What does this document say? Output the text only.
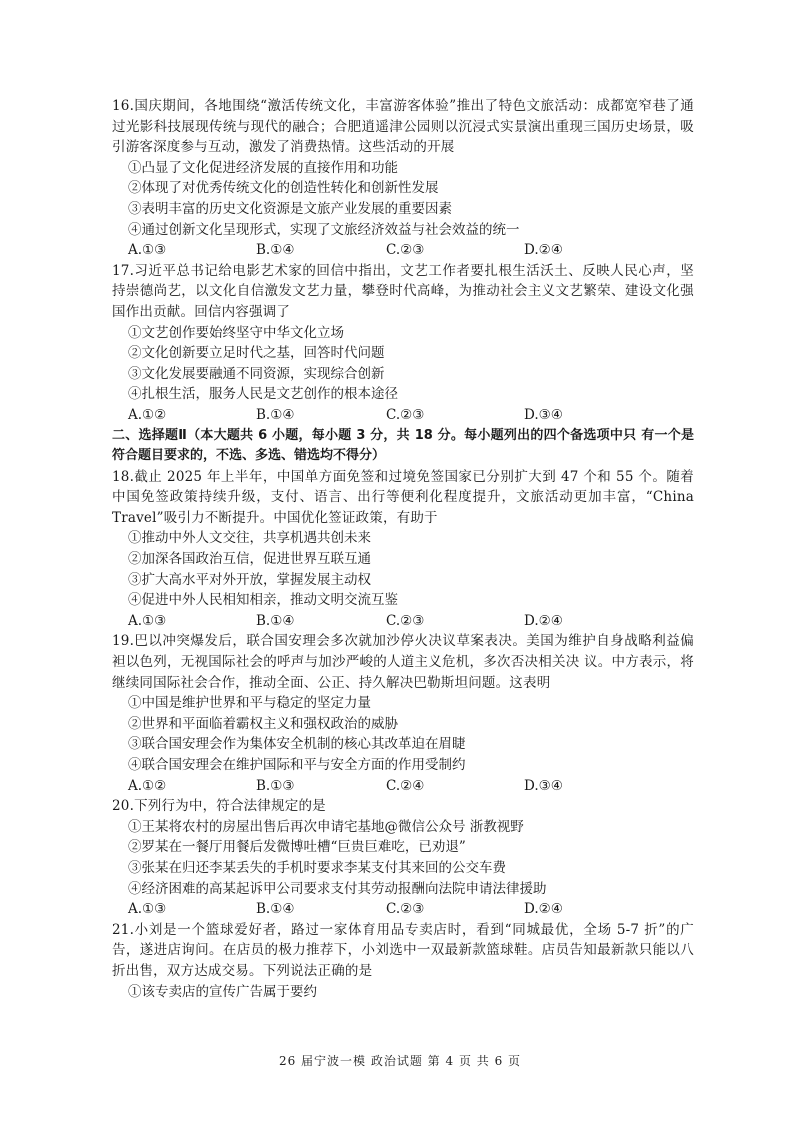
16.国庆期间，各地围绕“激活传统文化，丰富游客体验”推出了特色文旅活动：成都宽窄巷了通过光影科技展现传统与现代的融合；合肥逍遥津公园则以沉浸式实景演出重现三国历史场景，吸引游客深度参与互动，激发了消费热情。这些活动的开展
①凸显了文化促进经济发展的直接作用和功能
②体现了对优秀传统文化的创造性转化和创新性发展
③表明丰富的历史文化资源是文旅产业发展的重要因素
④通过创新文化呈现形式，实现了文旅经济效益与社会效益的统一
A.①③	B.①④	C.②③	D.②④
17.习近平总书记给电影艺术家的回信中指出，文艺工作者要扎根生活沃土、反映人民心声，坚持崇德尚艺，以文化自信激发文艺力量，攀登时代高峰，为推动社会主义文艺繁荣、建设文化强国作出贡献。回信内容强调了
①文艺创作要始终坚守中华文化立场
②文化创新要立足时代之基，回答时代问题
③文化发展要融通不同资源，实现综合创新
④扎根生活，服务人民是文艺创作的根本途径
A.①②	B.①④	C.②③	D.③④
二、选择题Ⅱ（本大题共 6 小题，每小题 3 分，共 18 分。每小题列出的四个备选项中只 有一个是符合题目要求的，不选、多选、错选均不得分）
18.截止 2025 年上半年，中国单方面免签和过境免签国家已分别扩大到 47 个和 55 个。随着中国免签政策持续升级，支付、语言、出行等便利化程度提升，文旅活动更加丰富，“China Travel”吸引力不断提升。中国优化签证政策，有助于
①推动中外人文交往，共享机遇共创未来
②加深各国政治互信，促进世界互联互通
③扩大高水平对外开放，掌握发展主动权
④促进中外人民相知相亲，推动文明交流互鉴
A.①③	B.①④	C.②③	D.②④
19.巴以冲突爆发后，联合国安理会多次就加沙停火决议草案表决。美国为维护自身战略利益偏袒以色列，无视国际社会的呼声与加沙严峻的人道主义危机，多次否决相关决 议。中方表示，将继续同国际社会合作，推动全面、公正、持久解决巴勒斯坦问题。这表明
①中国是维护世界和平与稳定的坚定力量
②世界和平面临着霸权主义和强权政治的威胁
③联合国安理会作为集体安全机制的核心其改革迫在眉睫
④联合国安理会在维护国际和平与安全方面的作用受制约
A.①②	B.①③	C.②④	D.③④
20.下列行为中，符合法律规定的是
①王某将农村的房屋出售后再次申请宅基地@微信公众号 浙教视野
②罗某在一餐厅用餐后发微博吐槽“巨贵巨难吃，已劝退”
③张某在归还李某丢失的手机时要求李某支付其来回的公交车费
④经济困难的高某起诉甲公司要求支付其劳动报酬向法院申请法律援助
A.①③	B.①④	C.②③	D.②④
21.小刘是一个篮球爱好者，路过一家体育用品专卖店时，看到“同城最优，全场 5-7 折”的广告，遂进店询问。在店员的极力推荐下，小刘选中一双最新款篮球鞋。店员告知最新款只能以八折出售，双方达成交易。下列说法正确的是
①该专卖店的宣传广告属于要约
26 届宁波一模 政治试题 第 4 页 共 6 页
